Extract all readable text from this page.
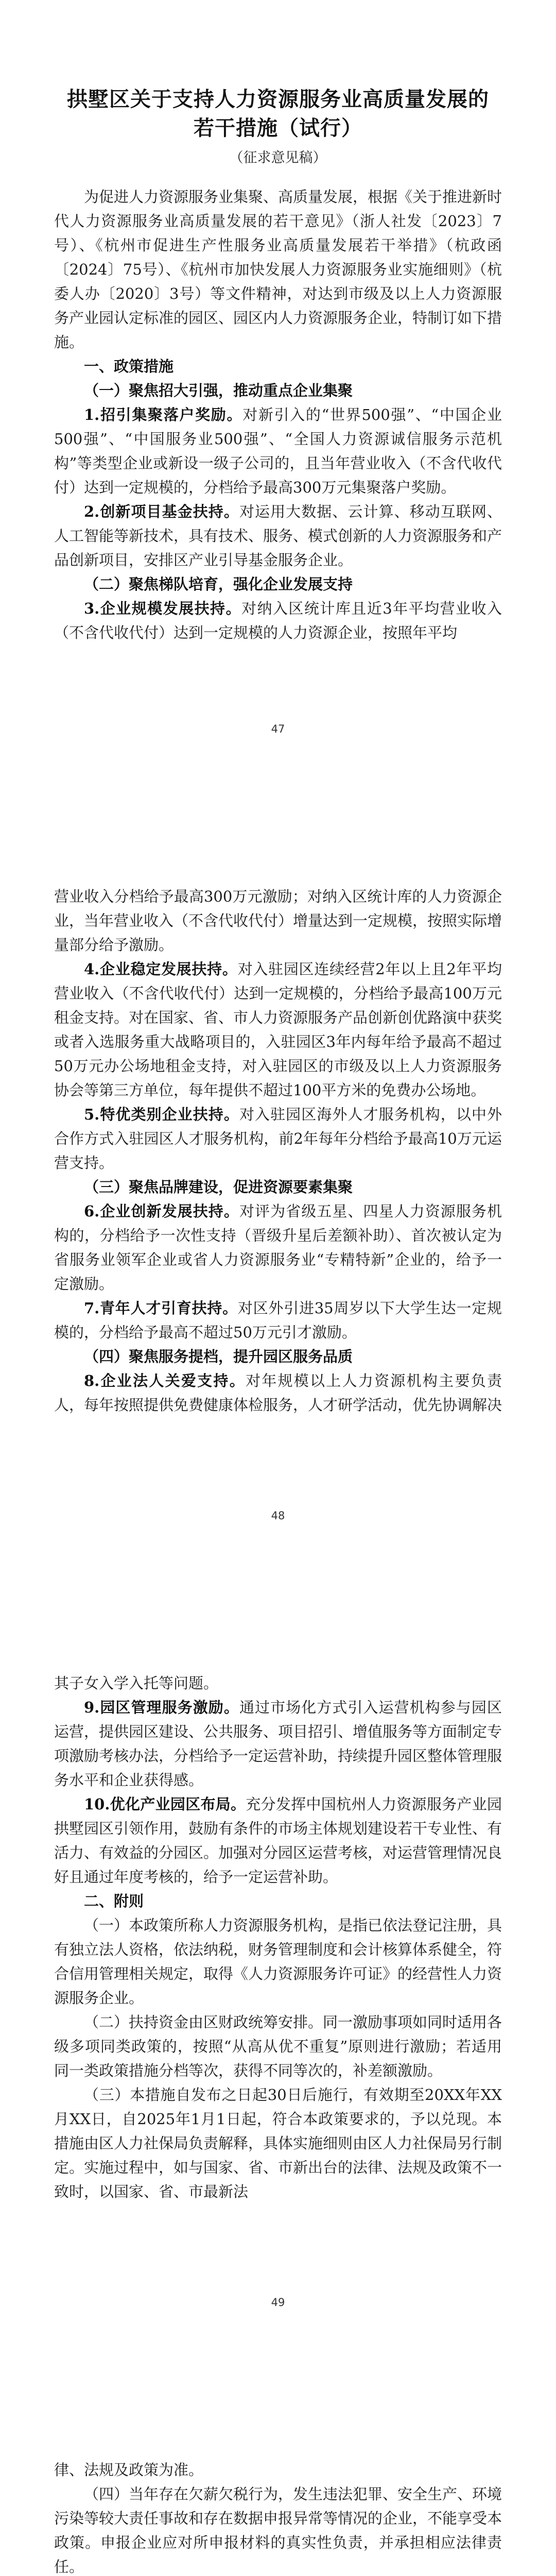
拱墅区关于支持人力资源服务业高质量发展的
若干措施（试行）
（征求意见稿）

为促进人力资源服务业集聚、高质量发展，根据《关于推进新时代人力资源服务业高质量发展的若干意见》（浙人社发〔2023〕7号）、《杭州市促进生产性服务业高质量发展若干举措》（杭政函〔2024〕75号）、《杭州市加快发展人力资源服务业实施细则》（杭委人办〔2020〕3号）等文件精神，对达到市级及以上人力资源服务产业园认定标准的园区、园区内人力资源服务企业，特制订如下措施。

一、政策措施

（一）聚焦招大引强，推动重点企业集聚

1.招引集聚落户奖励。对新引入的“世界500强”、“中国企业500强”、“中国服务业500强”、“全国人力资源诚信服务示范机构”等类型企业或新设一级子公司的，且当年营业收入（不含代收代付）达到一定规模的，分档给予最高300万元集聚落户奖励。

2.创新项目基金扶持。对运用大数据、云计算、移动互联网、人工智能等新技术，具有技术、服务、模式创新的人力资源服务和产品创新项目，安排区产业引导基金服务企业。

（二）聚焦梯队培育，强化企业发展支持

3.企业规模发展扶持。对纳入区统计库且近3年平均营业收入（不含代收代付）达到一定规模的人力资源企业，按照年平均

47

营业收入分档给予最高300万元激励；对纳入区统计库的人力资源企业，当年营业收入（不含代收代付）增量达到一定规模，按照实际增量部分给予激励。

4.企业稳定发展扶持。对入驻园区连续经营2年以上且2年平均营业收入（不含代收代付）达到一定规模的，分档给予最高100万元租金支持。对在国家、省、市人力资源服务产品创新创优路演中获奖或者入选服务重大战略项目的，入驻园区3年内每年给予最高不超过50万元办公场地租金支持，对入驻园区的市级及以上人力资源服务协会等第三方单位，每年提供不超过100平方米的免费办公场地。

5.特优类别企业扶持。对入驻园区海外人才服务机构，以中外合作方式入驻园区人才服务机构，前2年每年分档给予最高10万元运营支持。

（三）聚焦品牌建设，促进资源要素集聚

6.企业创新发展扶持。对评为省级五星、四星人力资源服务机构的，分档给予一次性支持（晋级升星后差额补助）、首次被认定为省服务业领军企业或省人力资源服务业“专精特新”企业的，给予一定激励。

7.青年人才引育扶持。对区外引进35周岁以下大学生达一定规模的，分档给予最高不超过50万元引才激励。

（四）聚焦服务提档，提升园区服务品质

8.企业法人关爱支持。对年规模以上人力资源机构主要负责人，每年按照提供免费健康体检服务，人才研学活动，优先协调解决

48

其子女入学入托等问题。

9.园区管理服务激励。通过市场化方式引入运营机构参与园区运营，提供园区建设、公共服务、项目招引、增值服务等方面制定专项激励考核办法，分档给予一定运营补助，持续提升园区整体管理服务水平和企业获得感。

10.优化产业园区布局。充分发挥中国杭州人力资源服务产业园拱墅园区引领作用，鼓励有条件的市场主体规划建设若干专业性、有活力、有效益的分园区。加强对分园区运营考核，对运营管理情况良好且通过年度考核的，给予一定运营补助。

二、附则

（一）本政策所称人力资源服务机构，是指已依法登记注册，具有独立法人资格，依法纳税，财务管理制度和会计核算体系健全，符合信用管理相关规定，取得《人力资源服务许可证》的经营性人力资源服务企业。

（二）扶持资金由区财政统筹安排。同一激励事项如同时适用各级多项同类政策的，按照“从高从优不重复”原则进行激励；若适用同一类政策措施分档等次，获得不同等次的，补差额激励。

（三）本措施自发布之日起30日后施行，有效期至20XX年XX月XX日，自2025年1月1日起，符合本政策要求的，予以兑现。本措施由区人力社保局负责解释，具体实施细则由区人力社保局另行制定。实施过程中，如与国家、省、市新出台的法律、法规及政策不一致时，以国家、省、市最新法

49

律、法规及政策为准。

（四）当年存在欠薪欠税行为，发生违法犯罪、安全生产、环境污染等较大责任事故和存在数据申报异常等情况的企业，不能享受本政策。申报企业应对所申报材料的真实性负责，并承担相应法律责任。
